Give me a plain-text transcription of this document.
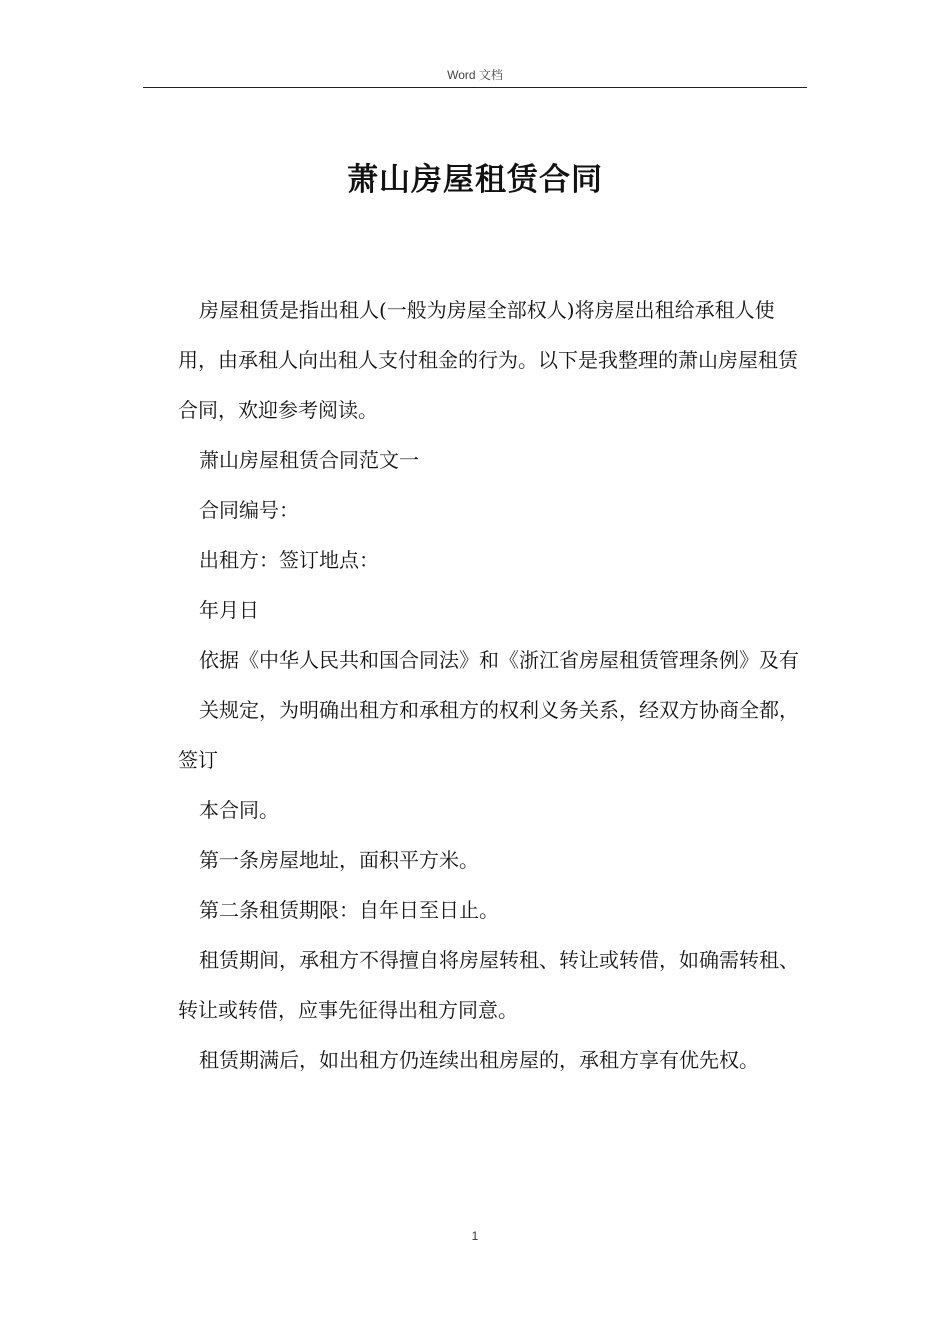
Word 文档
萧山房屋租赁合同

房屋租赁是指出租人(一般为房屋全部权人)将房屋出租给承租人使用，由承租人向出租人支付租金的行为。以下是我整理的萧山房屋租赁合同，欢迎参考阅读。

萧山房屋租赁合同范文一

合同编号：

出租方：签订地点：

年月日

依据《中华人民共和国合同法》和《浙江省房屋租赁管理条例》及有

关规定，为明确出租方和承租方的权利义务关系，经双方协商全都，签订

本合同。

第一条房屋地址，面积平方米。

第二条租赁期限：自年日至日止。

租赁期间，承租方不得擅自将房屋转租、转让或转借，如确需转租、转让或转借，应事先征得出租方同意。

租赁期满后，如出租方仍连续出租房屋的，承租方享有优先权。

1
